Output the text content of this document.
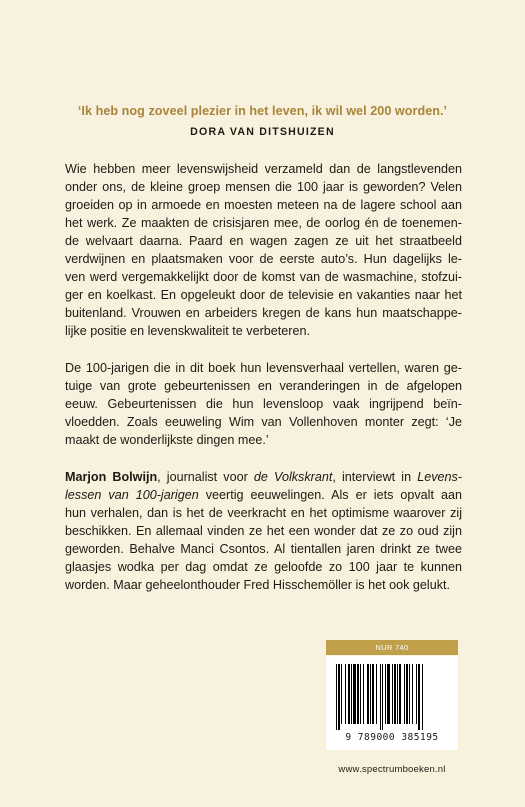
‘Ik heb nog zoveel plezier in het leven, ik wil wel 200 worden.’
DORA VAN DITSHUIZEN
Wie hebben meer levenswijsheid verzameld dan de langstlevenden
onder ons, de kleine groep mensen die 100 jaar is geworden? Velen
groeiden op in armoede en moesten meteen na de lagere school aan
het werk. Ze maakten de crisisjaren mee, de oorlog én de toenemen-
de welvaart daarna. Paard en wagen zagen ze uit het straatbeeld
verdwijnen en plaatsmaken voor de eerste auto’s. Hun dagelijks le-
ven werd vergemakkelijkt door de komst van de wasmachine, stofzui-
ger en koelkast. En opgeleukt door de televisie en vakanties naar het
buitenland. Vrouwen en arbeiders kregen de kans hun maatschappe-
lijke positie en levenskwaliteit te verbeteren.
De 100-jarigen die in dit boek hun levensverhaal vertellen, waren ge-
tuige van grote gebeurtenissen en veranderingen in de afgelopen
eeuw. Gebeurtenissen die hun levensloop vaak ingrijpend beïn-
vloedden. Zoals eeuweling Wim van Vollenhoven monter zegt: ‘Je
maakt de wonderlijkste dingen mee.’
Marjon Bolwijn, journalist voor de Volkskrant, interviewt in Levens-
lessen van 100-jarigen veertig eeuwelingen. Als er iets opvalt aan
hun verhalen, dan is het de veerkracht en het optimisme waarover zij
beschikken. En allemaal vinden ze het een wonder dat ze zo oud zijn
geworden. Behalve Manci Csontos. Al tientallen jaren drinkt ze twee
glaasjes wodka per dag omdat ze geloofde zo 100 jaar te kunnen
worden. Maar geheelonthouder Fred Hisschemöller is het ook gelukt.
NUR 740
9 789000 385195
www.spectrumboeken.nl
